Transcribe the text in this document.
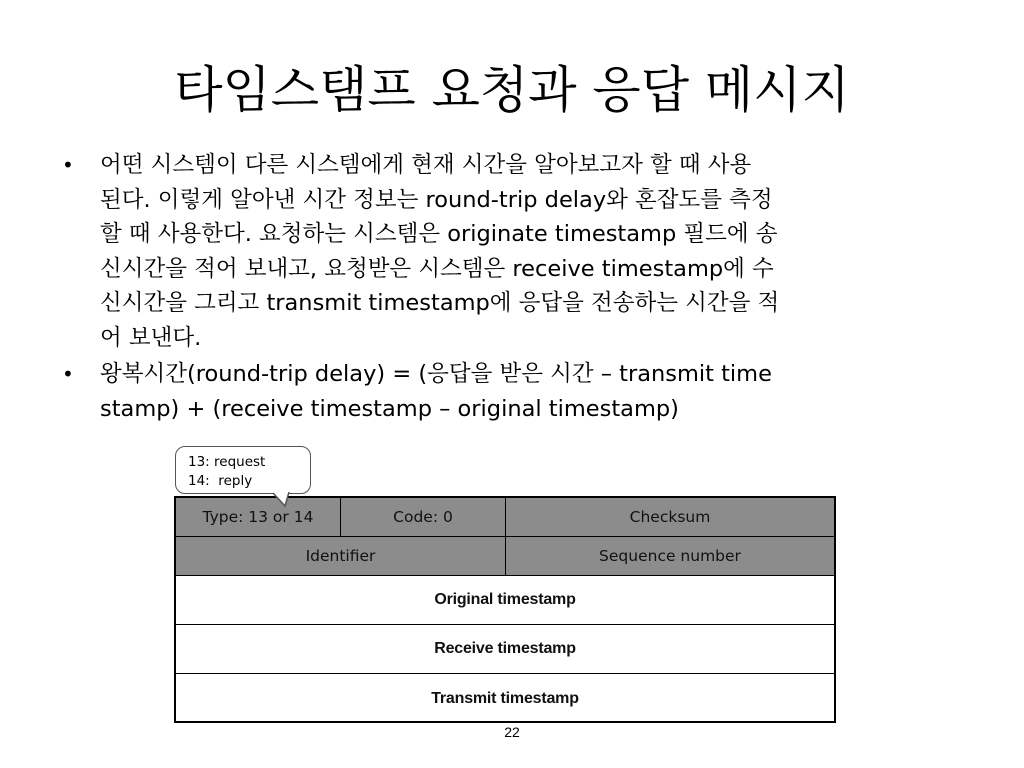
타임스탬프 요청과 응답 메시지
• 어떤 시스템이 다른 시스템에게 현재 시간을 알아보고자 할 때 사용
된다. 이렇게 알아낸 시간 정보는 round-trip delay와 혼잡도를 측정
할 때 사용한다. 요청하는 시스템은 originate timestamp 필드에 송
신시간을 적어 보내고, 요청받은 시스템은 receive timestamp에 수
신시간을 그리고 transmit timestamp에 응답을 전송하는 시간을 적
어 보낸다.
• 왕복시간(round-trip delay) = (응답을 받은 시간 – transmit time
stamp) + (receive timestamp – original timestamp)
13: request
14:  reply
Type: 13 or 14	Code: 0	Checksum
Identifier	Sequence number
Original timestamp
Receive timestamp
Transmit timestamp
22
